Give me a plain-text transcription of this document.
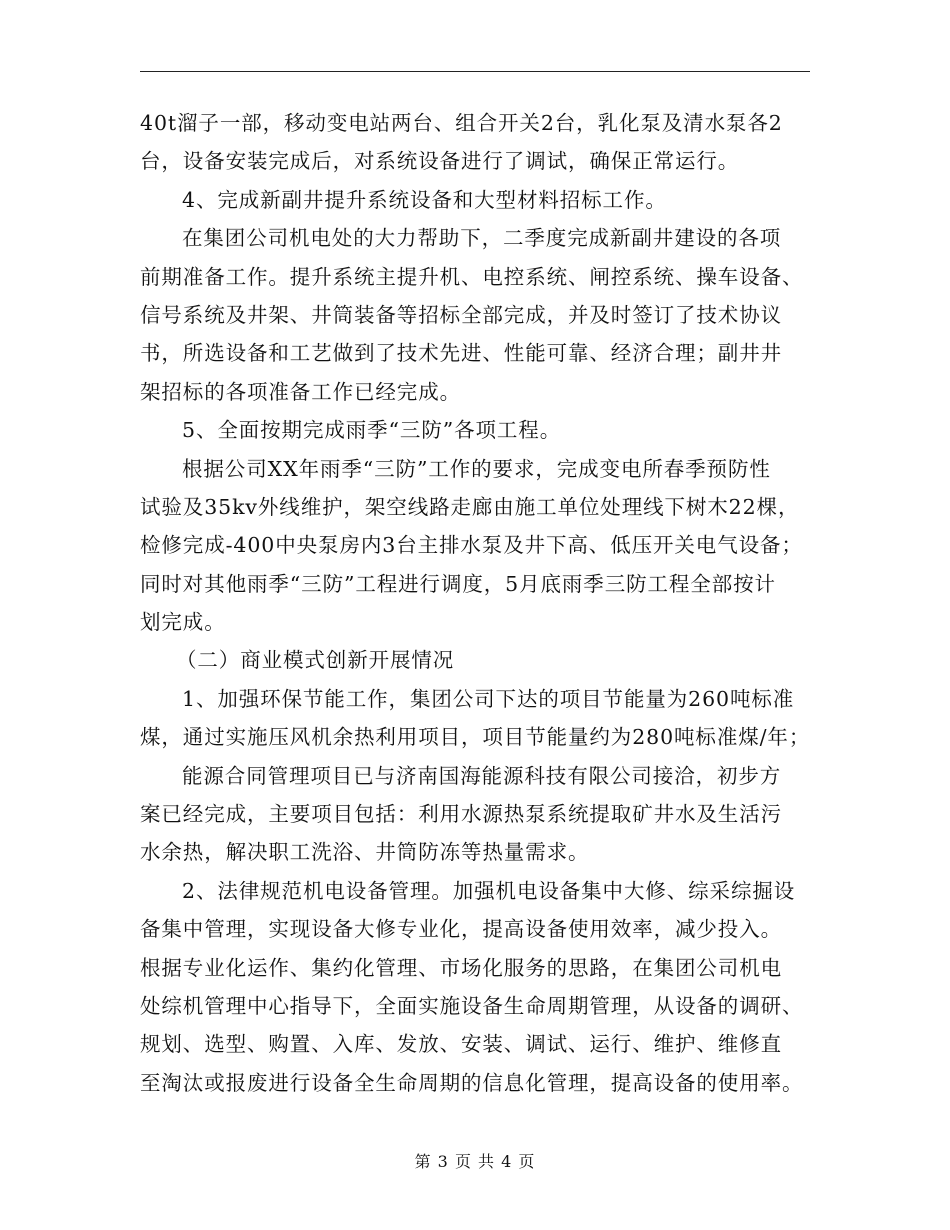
40t溜子一部，移动变电站两台、组合开关2台，乳化泵及清水泵各2
台，设备安装完成后，对系统设备进行了调试，确保正常运行。
4、完成新副井提升系统设备和大型材料招标工作。
在集团公司机电处的大力帮助下，二季度完成新副井建设的各项
前期准备工作。提升系统主提升机、电控系统、闸控系统、操车设备、
信号系统及井架、井筒装备等招标全部完成，并及时签订了技术协议
书，所选设备和工艺做到了技术先进、性能可靠、经济合理；副井井
架招标的各项准备工作已经完成。
5、全面按期完成雨季“三防”各项工程。
根据公司XX年雨季“三防”工作的要求，完成变电所春季预防性
试验及35kv外线维护，架空线路走廊由施工单位处理线下树木22棵，
检修完成-400中央泵房内3台主排水泵及井下高、低压开关电气设备；
同时对其他雨季“三防”工程进行调度，5月底雨季三防工程全部按计
划完成。
（二）商业模式创新开展情况
1、加强环保节能工作，集团公司下达的项目节能量为260吨标准
煤，通过实施压风机余热利用项目，项目节能量约为280吨标准煤/年；
能源合同管理项目已与济南国海能源科技有限公司接洽，初步方
案已经完成，主要项目包括：利用水源热泵系统提取矿井水及生活污
水余热，解决职工洗浴、井筒防冻等热量需求。
2、法律规范机电设备管理。加强机电设备集中大修、综采综掘设
备集中管理，实现设备大修专业化，提高设备使用效率，减少投入。
根据专业化运作、集约化管理、市场化服务的思路，在集团公司机电
处综机管理中心指导下，全面实施设备生命周期管理，从设备的调研、
规划、选型、购置、入库、发放、安装、调试、运行、维护、维修直
至淘汰或报废进行设备全生命周期的信息化管理，提高设备的使用率。
第 3 页 共 4 页
